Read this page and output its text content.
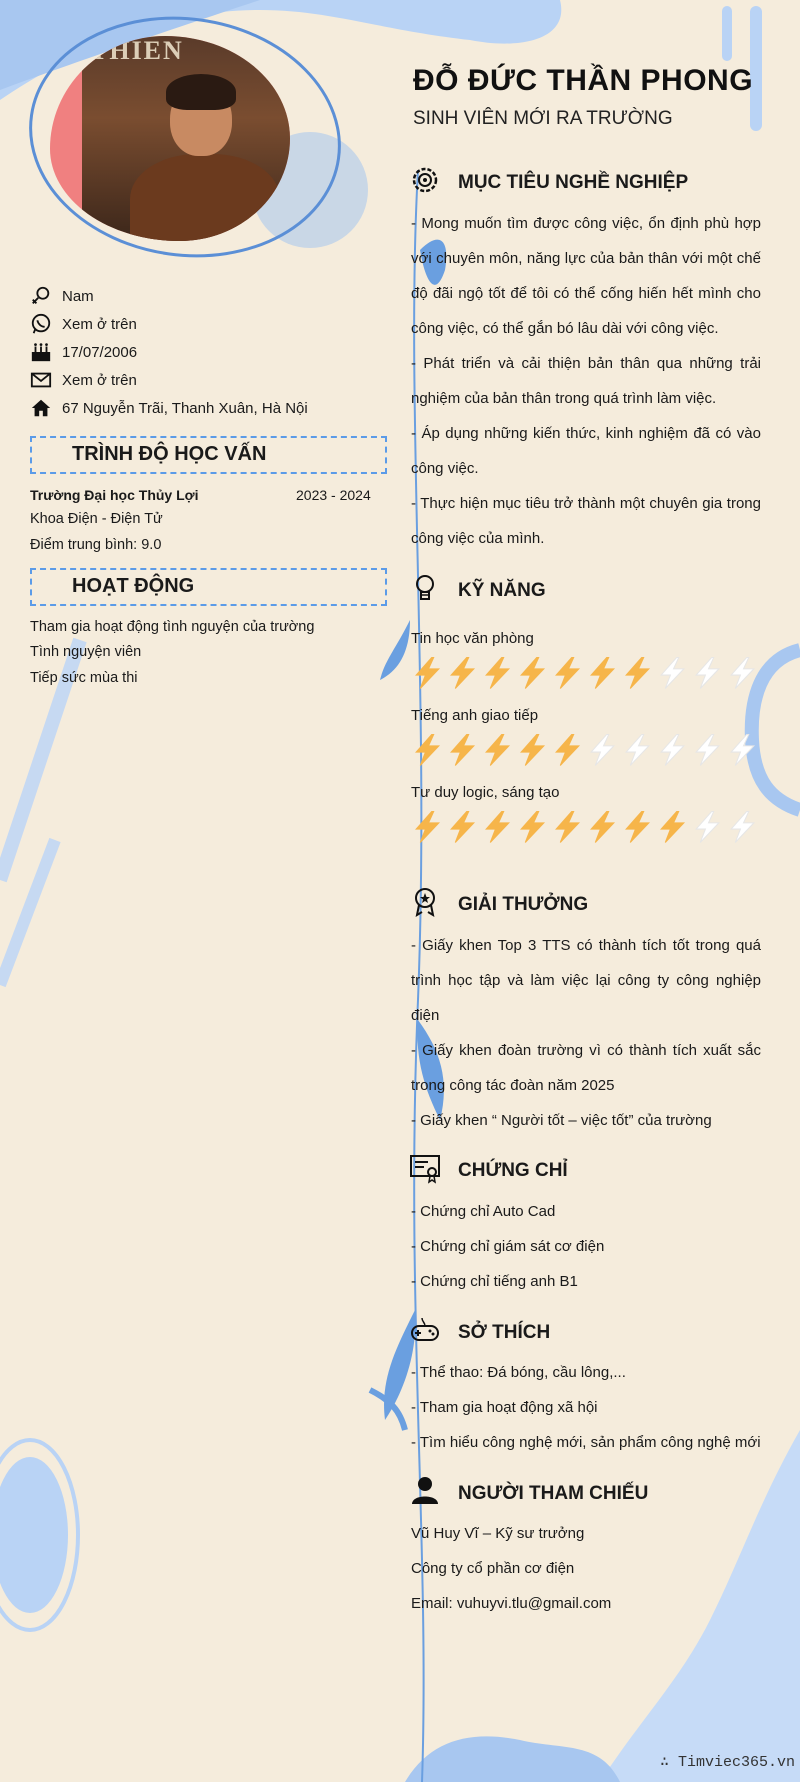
THIEN
ĐỖ ĐỨC THẦN PHONG
SINH VIÊN MỚI RA TRƯỜNG
Nam
Xem ở trên
17/07/2006
Xem ở trên
67 Nguyễn Trãi, Thanh Xuân, Hà Nội
TRÌNH ĐỘ HỌC VẤN
Trường Đại học Thủy Lợi	2023 - 2024
Khoa Điện - Điện Tử
Điểm trung bình: 9.0
HOẠT ĐỘNG
Tham gia hoạt động tình nguyện của trường
Tình nguyện viên
Tiếp sức mùa thi
MỤC TIÊU NGHỀ NGHIỆP
- Mong muốn tìm được công việc, ổn định phù hợp với chuyên môn, năng lực của bản thân với một chế độ đãi ngộ tốt để tôi có thể cống hiến hết mình cho công việc, có thể gắn bó lâu dài với công việc.
- Phát triển và cải thiện bản thân qua những trải nghiệm của bản thân trong quá trình làm việc.
- Áp dụng những kiến thức, kinh nghiệm đã có vào công việc.
- Thực hiện mục tiêu trở thành một chuyên gia trong công việc của mình.
KỸ NĂNG
Tin học văn phòng
Tiếng anh giao tiếp
Tư duy logic, sáng tạo
GIẢI THƯỞNG
- Giấy khen Top 3 TTS có thành tích tốt trong quá trình học tập và làm việc lại công ty công nghiệp điện
- Giấy khen đoàn trường vì có thành tích xuất sắc trong công tác đoàn năm 2025
- Giấy khen “ Người tốt – việc tốt” của trường
CHỨNG CHỈ
- Chứng chỉ Auto Cad
- Chứng chỉ giám sát cơ điện
- Chứng chỉ tiếng anh B1
SỞ THÍCH
- Thể thao: Đá bóng, cầu lông,...
- Tham gia hoạt động xã hội
- Tìm hiểu công nghệ mới, sản phẩm công nghệ mới
NGƯỜI THAM CHIẾU
Vũ Huy Vĩ – Kỹ sư trưởng
Công ty cổ phần cơ điện
Email: vuhuyvi.tlu@gmail.com
∴ Timviec365.vn
